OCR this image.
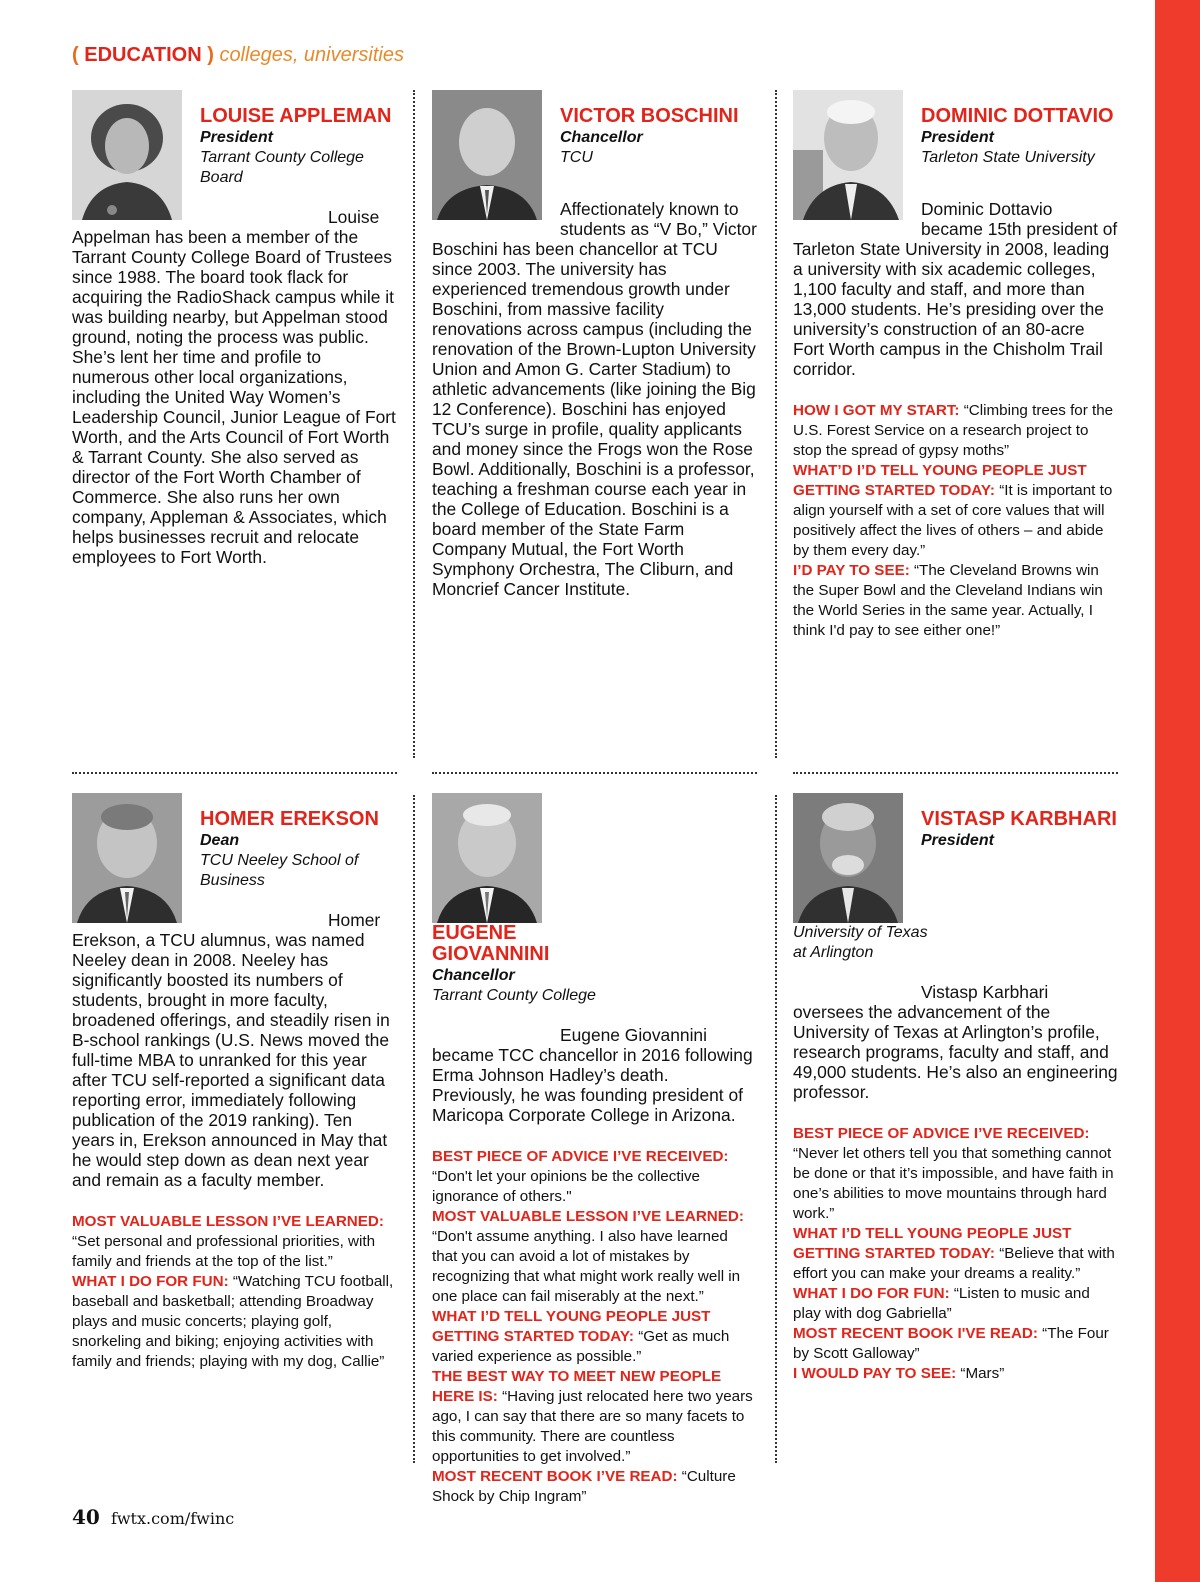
( EDUCATION ) colleges, universities
LOUISE APPLEMAN
President
Tarrant County College Board
Louise Appelman has been a member of the Tarrant County College Board of Trustees since 1988. The board took flack for acquiring the RadioShack campus while it was building nearby, but Appelman stood ground, noting the process was public. She’s lent her time and profile to numerous other local organizations, including the United Way Women’s Leadership Council, Junior League of Fort Worth, and the Arts Council of Fort Worth & Tarrant County. She also served as director of the Fort Worth Chamber of Commerce. She also runs her own company, Appleman & Associates, which helps businesses recruit and relocate employees to Fort Worth.
VICTOR BOSCHINI
Chancellor
TCU
Affectionately known to students as “V Bo,” Victor Boschini has been chancellor at TCU since 2003. The university has experienced tremendous growth under Boschini, from massive facility renovations across campus (including the renovation of the Brown-Lupton University Union and Amon G. Carter Stadium) to athletic advancements (like joining the Big 12 Conference). Boschini has enjoyed TCU’s surge in profile, quality applicants and money since the Frogs won the Rose Bowl. Additionally, Boschini is a professor, teaching a freshman course each year in the College of Education. Boschini is a board member of the State Farm Company Mutual, the Fort Worth Symphony Orchestra, The Cliburn, and Moncrief Cancer Institute.
DOMINIC DOTTAVIO
President
Tarleton State University
Dominic Dottavio became 15th president of Tarleton State University in 2008, leading a university with six academic colleges, 1,100 faculty and staff, and more than 13,000 students. He’s presiding over the university’s construction of an 80-acre Fort Worth campus in the Chisholm Trail corridor.

HOW I GOT MY START: “Climbing trees for the U.S. Forest Service on a research project to stop the spread of gypsy moths”

WHAT’D I’D TELL YOUNG PEOPLE JUST GETTING STARTED TODAY: “It is important to align yourself with a set of core values that will positively affect the lives of others – and abide by them every day.”

I’D PAY TO SEE: “The Cleveland Browns win the Super Bowl and the Cleveland Indians win the World Series in the same year. Actually, I think I'd pay to see either one!”

HOMER EREKSON
Dean
TCU Neeley School of Business
Homer Erekson, a TCU alumnus, was named Neeley dean in 2008. Neeley has significantly boosted its numbers of students, brought in more faculty, broadened offerings, and steadily risen in B-school rankings (U.S. News moved the full-time MBA to unranked for this year after TCU self-reported a significant data reporting error, immediately following publication of the 2019 ranking). Ten years in, Erekson announced in May that he would step down as dean next year and remain as a faculty member.

MOST VALUABLE LESSON I’VE LEARNED: “Set personal and professional priorities, with family and friends at the top of the list.”

WHAT I DO FOR FUN: “Watching TCU football, baseball and basketball; attending Broadway plays and music concerts; playing golf, snorkeling and biking; enjoying activities with family and friends; playing with my dog, Callie”

EUGENE GIOVANNINI
Chancellor
Tarrant County College
Eugene Giovannini became TCC chancellor in 2016 following Erma Johnson Hadley’s death. Previously, he was founding president of Maricopa Corporate College in Arizona.

BEST PIECE OF ADVICE I’VE RECEIVED: “Don't let your opinions be the collective ignorance of others."

MOST VALUABLE LESSON I’VE LEARNED: “Don't assume anything. I also have learned that you can avoid a lot of mistakes by recognizing that what might work really well in one place can fail miserably at the next.”

WHAT I’D TELL YOUNG PEOPLE JUST GETTING STARTED TODAY: “Get as much varied experience as possible.”

THE BEST WAY TO MEET NEW PEOPLE HERE IS: “Having just relocated here two years ago, I can say that there are so many facets to this community. There are countless opportunities to get involved.”

MOST RECENT BOOK I’VE READ: “Culture Shock by Chip Ingram”

VISTASP KARBHARI
President
University of Texas at Arlington
Vistasp Karbhari oversees the advancement of the University of Texas at Arlington’s profile, research programs, faculty and staff, and 49,000 students. He’s also an engineering professor.

BEST PIECE OF ADVICE I’VE RECEIVED: “Never let others tell you that something cannot be done or that it’s impossible, and have faith in one’s abilities to move mountains through hard work.”

WHAT I’D TELL YOUNG PEOPLE JUST GETTING STARTED TODAY: “Believe that with effort you can make your dreams a reality.”

WHAT I DO FOR FUN: “Listen to music and play with dog Gabriella”

MOST RECENT BOOK I'VE READ: “The Four by Scott Galloway”

I WOULD PAY TO SEE: “Mars”

40 fwtx.com/fwinc
